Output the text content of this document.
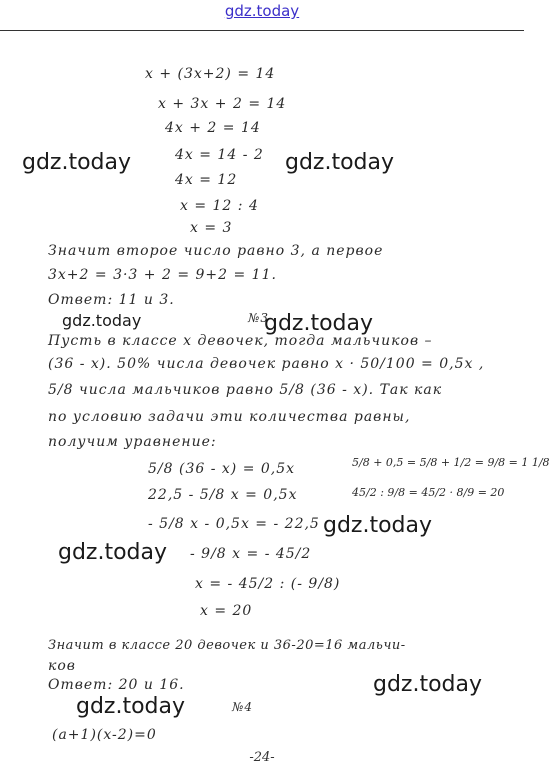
gdz.today
x + (3x+2) = 14
x + 3x + 2 = 14
4x + 2 = 14
4x = 14 - 2
4x = 12
x = 12 : 4
x = 3
Значит второе число равно 3, а первое
3x+2 = 3·3 + 2 = 9+2 = 11.
Ответ: 11 и 3.
№3
Пусть в классе x девочек, тогда мальчиков –
(36 - x). 50% числа девочек равно x · 50/100 = 0,5x ,
5/8 числа мальчиков равно 5/8 (36 - x). Так как
по условию задачи эти количества равны,
получим уравнение:
5/8 (36 - x) = 0,5x
22,5 - 5/8 x = 0,5x
- 5/8 x - 0,5x = - 22,5
- 9/8 x = - 45/2
x = - 45/2 : (- 9/8)
x = 20
5/8 + 0,5 = 5/8 + 1/2 = 9/8 = 1 1/8
45/2 : 9/8 = 45/2 · 8/9 = 20
Значит в классе 20 девочек и 36-20=16 мальчи-
ков
Ответ: 20 и 16.
№4
(a+1)(x-2)=0
-24-
gdz.today	gdz.today
gdz.today	gdz.today
gdz.today
gdz.today
gdz.today
gdz.today
